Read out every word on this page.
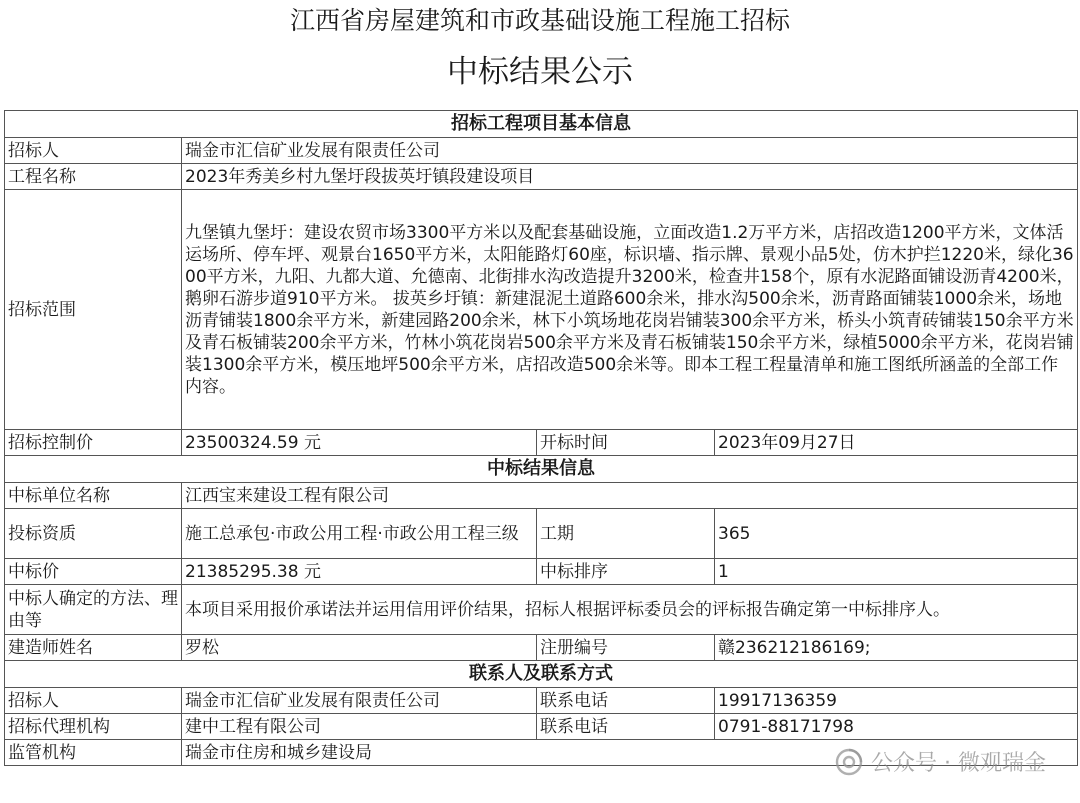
江西省房屋建筑和市政基础设施工程施工招标
中标结果公示
招标工程项目基本信息			
招标人	瑞金市汇信矿业发展有限责任公司		
工程名称	2023年秀美乡村九堡圩段拔英圩镇段建设项目		
招标范围	九堡镇九堡圩：建设农贸市场3300平方米以及配套基础设施，立面改造1.2万平方米，店招改造1200平方米，文体活运场所、停车坪、观景台1650平方米，太阳能路灯60座，标识墙、指示牌、景观小品5处，仿木护拦1220米，绿化3600平方米，九阳、九都大道、允德南、北街排水沟改造提升3200米，检查井158个，原有水泥路面铺设沥青4200米，鹅卵石游步道910平方米。 拔英乡圩镇：新建混泥土道路600余米，排水沟500余米，沥青路面铺装1000余米，场地沥青铺装1800余平方米，新建园路200余米，林下小筑场地花岗岩铺装300余平方米，桥头小筑青砖铺装150余平方米及青石板铺装200余平方米，竹林小筑花岗岩500余平方米及青石板铺装150余平方米，绿植5000余平方米，花岗岩铺装1300余平方米，模压地坪500余平方米，店招改造500余米等。即本工程工程量清单和施工图纸所涵盖的全部工作内容。		
招标控制价	23500324.59 元	开标时间	2023年09月27日
中标结果信息			
中标单位名称	江西宝来建设工程有限公司		
投标资质	施工总承包·市政公用工程·市政公用工程三级	工期	365
中标价	21385295.38 元	中标排序	1
中标人确定的方法、理由等	本项目采用报价承诺法并运用信用评价结果，招标人根据评标委员会的评标报告确定第一中标排序人。		
建造师姓名	罗松	注册编号	赣236212186169;
联系人及联系方式			
招标人	瑞金市汇信矿业发展有限责任公司	联系电话	19917136359
招标代理机构	建中工程有限公司	联系电话	0791-88171798
监管机构	瑞金市住房和城乡建设局			公众号 · 微观瑞金
